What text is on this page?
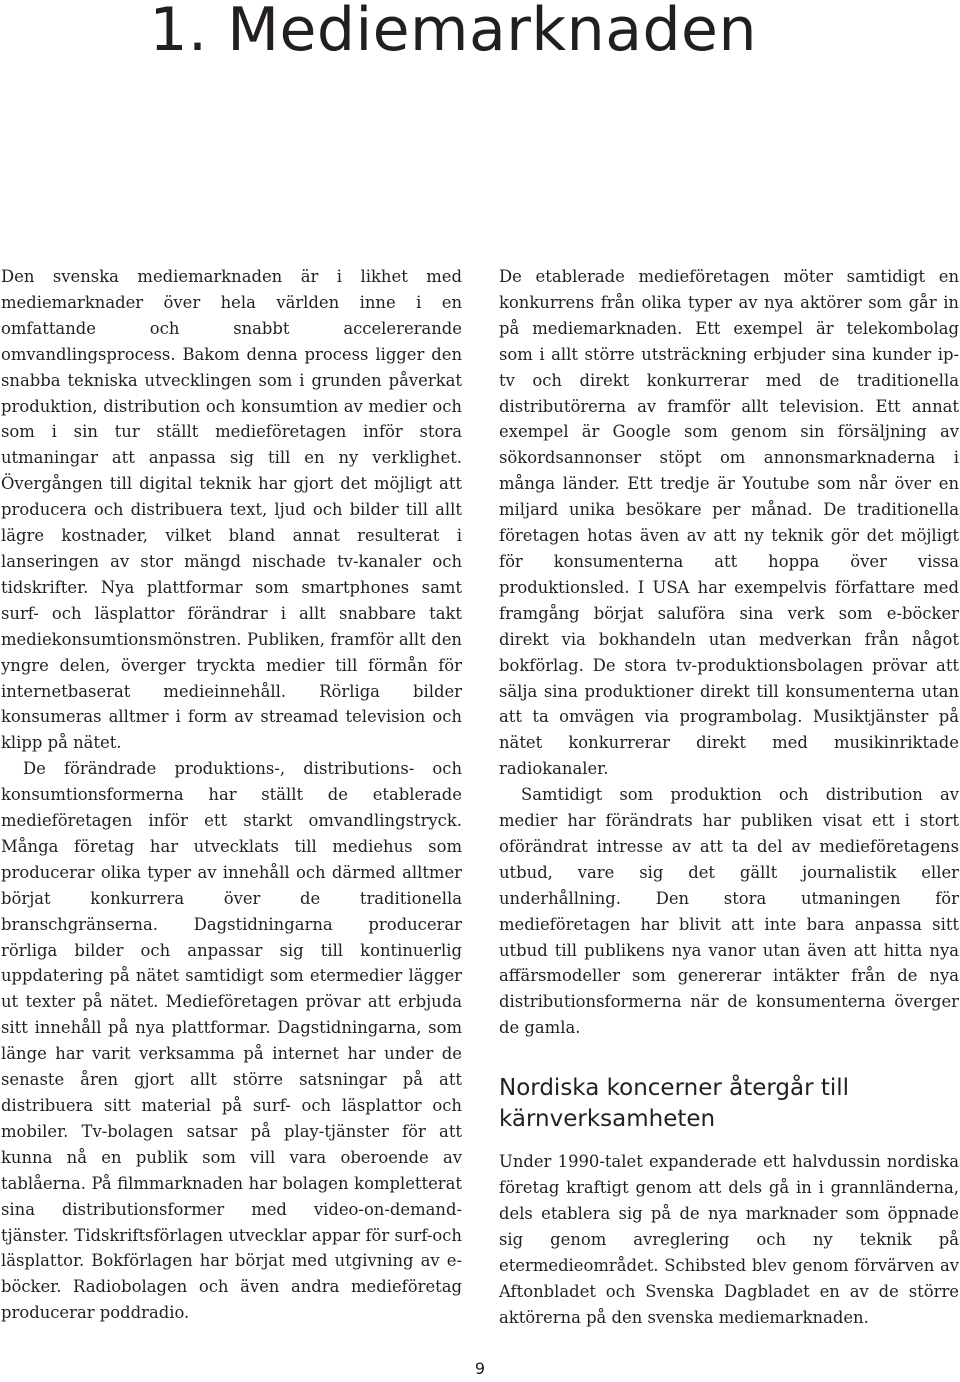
1. Mediemarknaden

Den svenska mediemarknaden är i likhet med mediemarknader över hela världen inne i en omfattande och snabbt accelererande omvandlingsprocess. Bakom denna process ligger den snabba tekniska utvecklingen som i grunden påverkat produktion, distribution och konsumtion av medier och som i sin tur ställt medieföretagen inför stora utmaningar att anpassa sig till en ny verklighet. Övergången till digital teknik har gjort det möjligt att producera och distribuera text, ljud och bilder till allt lägre kostnader, vilket bland annat resulterat i lanseringen av stor mängd nischade tv-kanaler och tidskrifter. Nya plattformar som smartphones samt surf- och läsplattor förändrar i allt snabbare takt mediekonsumtionsmönstren. Publiken, framför allt den yngre delen, överger tryckta medier till förmån för internetbaserat medieinnehåll. Rörliga bilder konsumeras alltmer i form av streamad television och klipp på nätet.

De förändrade produktions-, distributions- och konsumtionsformerna har ställt de etablerade medieföretagen inför ett starkt omvandlingstryck. Många företag har utvecklats till mediehus som producerar olika typer av innehåll och därmed alltmer börjat konkurrera över de traditionella branschgränserna. Dagstidningarna producerar rörliga bilder och anpassar sig till kontinuerlig uppdatering på nätet samtidigt som etermedier lägger ut texter på nätet. Medieföretagen prövar att erbjuda sitt innehåll på nya plattformar. Dagstidningarna, som länge har varit verksamma på internet har under de senaste åren gjort allt större satsningar på att distribuera sitt material på surf- och läsplattor och mobiler. Tv-bolagen satsar på play-tjänster för att kunna nå en publik som vill vara oberoende av tablåerna. På filmmarknaden har bolagen kompletterat sina distributionsformer med video-on-demand-tjänster. Tidskriftsförlagen utvecklar appar för surf-och läsplattor. Bokförlagen har börjat med utgivning av e-böcker. Radiobolagen och även andra medieföretag producerar poddradio.

De etablerade medieföretagen möter samtidigt en konkurrens från olika typer av nya aktörer som går in på mediemarknaden. Ett exempel är telekombolag som i allt större utsträckning erbjuder sina kunder ip-tv och direkt konkurrerar med de traditionella distributörerna av framför allt television. Ett annat exempel är Google som genom sin försäljning av sökordsannonser stöpt om annonsmarknaderna i många länder. Ett tredje är Youtube som når över en miljard unika besökare per månad. De traditionella företagen hotas även av att ny teknik gör det möjligt för konsumenterna att hoppa över vissa produktionsled. I USA har exempelvis författare med framgång börjat saluföra sina verk som e-böcker direkt via bokhandeln utan medverkan från något bokförlag. De stora tv-produktionsbolagen prövar att sälja sina produktioner direkt till konsumenterna utan att ta omvägen via programbolag. Musiktjänster på nätet konkurrerar direkt med musikinriktade radiokanaler.

Samtidigt som produktion och distribution av medier har förändrats har publiken visat ett i stort oförändrat intresse av att ta del av medieföretagens utbud, vare sig det gällt journalistik eller underhållning. Den stora utmaningen för medieföretagen har blivit att inte bara anpassa sitt utbud till publikens nya vanor utan även att hitta nya affärsmodeller som genererar intäkter från de nya distributionsformerna när de konsumenterna överger de gamla.

Nordiska koncerner återgår till kärnverksamheten

Under 1990-talet expanderade ett halvdussin nordiska företag kraftigt genom att dels gå in i grannländerna, dels etablera sig på de nya marknader som öppnade sig genom avreglering och ny teknik på etermedieområdet. Schibsted blev genom förvärven av Aftonbladet och Svenska Dagbladet en av de större aktörerna på den svenska mediemarknaden.

9
